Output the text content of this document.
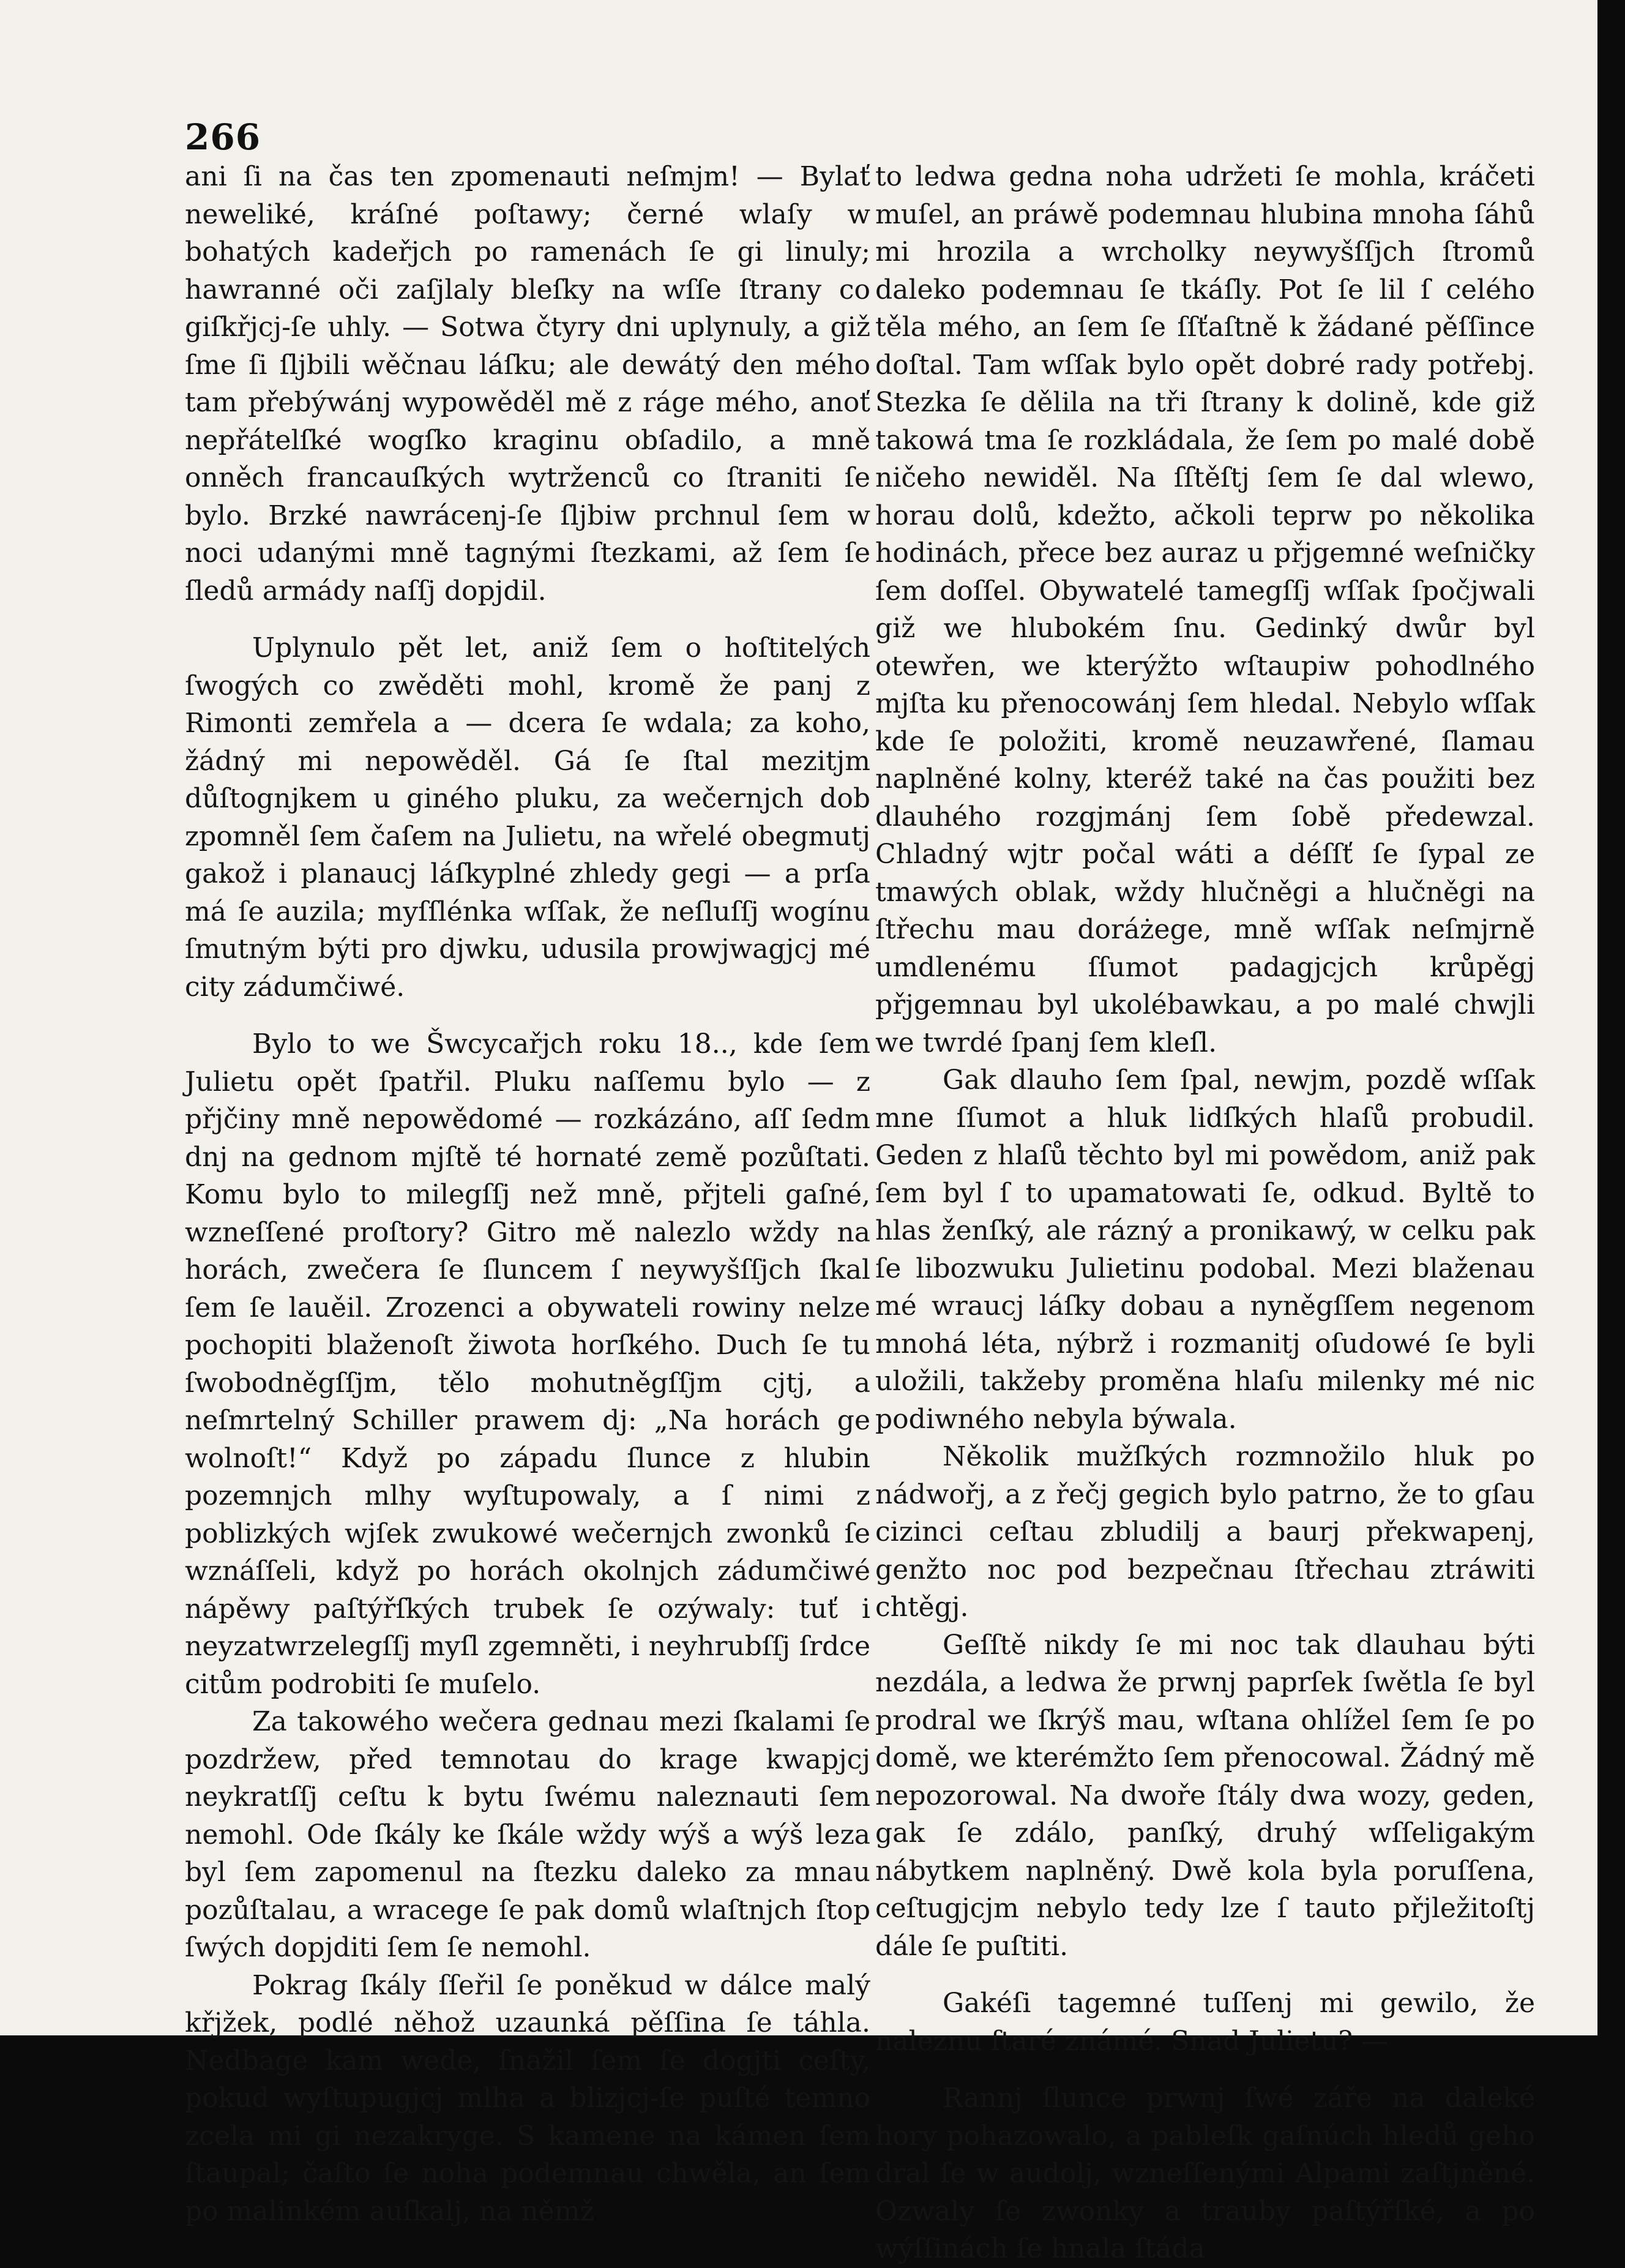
266

ani ſi na čas ten zpomenauti neſmjm! — Bylať neweliké, kráſné poſtawy; černé wlaſy w bohatých kadeřjch po ramenách ſe gi linuly; hawranné oči zaſjlaly bleſky na wſſe ſtrany co giſkřjcj-ſe uhly. — Sotwa čtyry dni uplynuly, a giž ſme ſi ſljbili wěčnau láſku; ale dewátý den mého tam přebýwánj wypowěděl mě z ráge mého, anoť nepřátelſké wogſko kraginu obſadilo, a mně onněch francauſkých wytrženců co ſtraniti ſe bylo. Brzké nawrácenj-ſe ſljbiw prchnul ſem w noci udanými mně tagnými ſtezkami, až ſem ſe ſledů armády naſſj dopjdil.

Uplynulo pět let, aniž ſem o hoſtitelých ſwogých co zwěděti mohl, kromě že panj z Rimonti zemřela a — dcera ſe wdala; za koho, žádný mi nepowěděl. Gá ſe ſtal mezitjm důſtognjkem u giného pluku, za wečernjch dob zpomněl ſem čaſem na Julietu, na wřelé obegmutj gakož i planaucj láſkyplné zhledy gegi — a prſa má ſe auzila; myſſlénka wſſak, že neſluſſj wogínu ſmutným býti pro djwku, udusila prowjwagjcj mé city zádumčiwé.

Bylo to we Šwcycařjch roku 18.., kde ſem Julietu opět ſpatřil. Pluku naſſemu bylo — z přjčiny mně nepowědomé — rozkázáno, aſſ ſedm dnj na gednom mjſtě té hornaté země pozůſtati. Komu bylo to milegſſj než mně, přjteli gaſné, wzneſſené proſtory? Gitro mě nalezlo wždy na horách, zwečera ſe ſluncem ſ neywyšſſjch ſkal ſem ſe lauěil. Zrozenci a obywateli rowiny nelze pochopiti blaženoſt žiwota horſkého. Duch ſe tu ſwobodněgſſjm, tělo mohutněgſſjm cjtj, a neſmrtelný Schiller prawem dj: „Na horách ge wolnoſt!“ Když po západu ſlunce z hlubin pozemnjch mlhy wyſtupowaly, a ſ nimi z poblizkých wjſek zwukowé wečernjch zwonků ſe wznáſſeli, když po horách okolnjch zádumčiwé nápěwy paſtýřſkých trubek ſe ozýwaly: tuť i neyzatwrzelegſſj myſl zgemněti, i neyhrubſſj ſrdce citům podrobiti ſe muſelo.

Za takowého wečera gednau mezi ſkalami ſe pozdržew, před temnotau do krage kwapjcj neykratſſj ceſtu k bytu ſwému naleznauti ſem nemohl. Ode ſkály ke ſkále wždy wýš a wýš leza byl ſem zapomenul na ſtezku daleko za mnau pozůſtalau, a wracege ſe pak domů wlaſtnjch ſtop ſwých dopjditi ſem ſe nemohl.

Pokrag ſkály ſſeřil ſe poněkud w dálce malý křjžek, podlé něhož uzaunká pěſſina ſe táhla. Nedbage kam wede, ſnažil ſem ſe dogjti ceſty, pokud wyſtupugjcj mlha a blizjcj-ſe puſté temno zcela mi gi nezakryge. S kamene na kámen ſem ſtaupal; čaſto ſe noha podemnau chwěla, an ſem po malinkém auſkalj, na němž

to ledwa gedna noha udržeti ſe mohla, kráčeti muſel, an práwě podemnau hlubina mnoha ſáhů mi hrozila a wrcholky neywyšſſjch ſtromů daleko podemnau ſe tkáſly. Pot ſe lil ſ celého těla mého, an ſem ſe ſſťaſtně k žádané pěſſince doſtal. Tam wſſak bylo opět dobré rady potřebj. Stezka ſe dělila na tři ſtrany k dolině, kde giž takowá tma ſe rozkládala, že ſem po malé době ničeho newiděl. Na ſſtěſtj ſem ſe dal wlewo, horau dolů, kdežto, ačkoli teprw po několika hodinách, přece bez auraz u přjgemné weſničky ſem doſſel. Obywatelé tamegſſj wſſak ſpočjwali giž we hlubokém ſnu. Gedinký dwůr byl otewřen, we kterýžto wſtaupiw pohodlného mjſta ku přenocowánj ſem hledal. Nebylo wſſak kde ſe položiti, kromě neuzawřené, ſlamau naplněné kolny, kteréž také na čas použiti bez dlauhého rozgjmánj ſem ſobě předewzal. Chladný wjtr počal wáti a déſſť ſe ſypal ze tmawých oblak, wždy hlučněgi a hlučněgi na ſtřechu mau doráżege, mně wſſak neſmjrně umdlenému ſſumot padagjcjch krůpěgj přjgemnau byl ukolébawkau, a po malé chwjli we twrdé ſpanj ſem kleſl.

Gak dlauho ſem ſpal, newjm, pozdě wſſak mne ſſumot a hluk lidſkých hlaſů probudil. Geden z hlaſů těchto byl mi powědom, aniž pak ſem byl ſ to upamatowati ſe, odkud. Byltě to hlas ženſký, ale rázný a pronikawý, w celku pak ſe libozwuku Julietinu podobal. Mezi blaženau mé wraucj láſky dobau a nyněgſſem negenom mnohá léta, nýbrž i rozmanitj oſudowé ſe byli uložili, takžeby proměna hlaſu milenky mé nic podiwného nebyla býwala.

Několik mužſkých rozmnožilo hluk po nádwořj, a z řečj gegich bylo patrno, že to gſau cizinci ceſtau zbludilj a baurj překwapenj, genžto noc pod bezpečnau ſtřechau ztráwiti chtěgj.

Geſſtě nikdy ſe mi noc tak dlauhau býti nezdála, a ledwa že prwnj paprſek ſwětla ſe byl prodral we ſkrýš mau, wſtana ohlížel ſem ſe po domě, we kterémžto ſem přenocowal. Žádný mě nepozorowal. Na dwoře ſtály dwa wozy, geden, gak ſe zdálo, panſký, druhý wſſeligakým nábytkem naplněný. Dwě kola byla poruſſena, ceſtugjcjm nebylo tedy lze ſ tauto přjležitoſtj dále ſe puſtiti.

Gakéſi tagemné tuſſenj mi gewilo, že naleznu ſtaré známé. Snad Julietu? —

Rannj ſlunce prwnj ſwé záře na daleké hory pohazowalo, a pableſk gaſnúch hledů geho dral ſe w audolj, wzneſſenými Alpami zaſtjněné. Ozwaly ſe zwonky a trauby paſtýřſké, a po wýſſinách ſe hnala ſtáda
